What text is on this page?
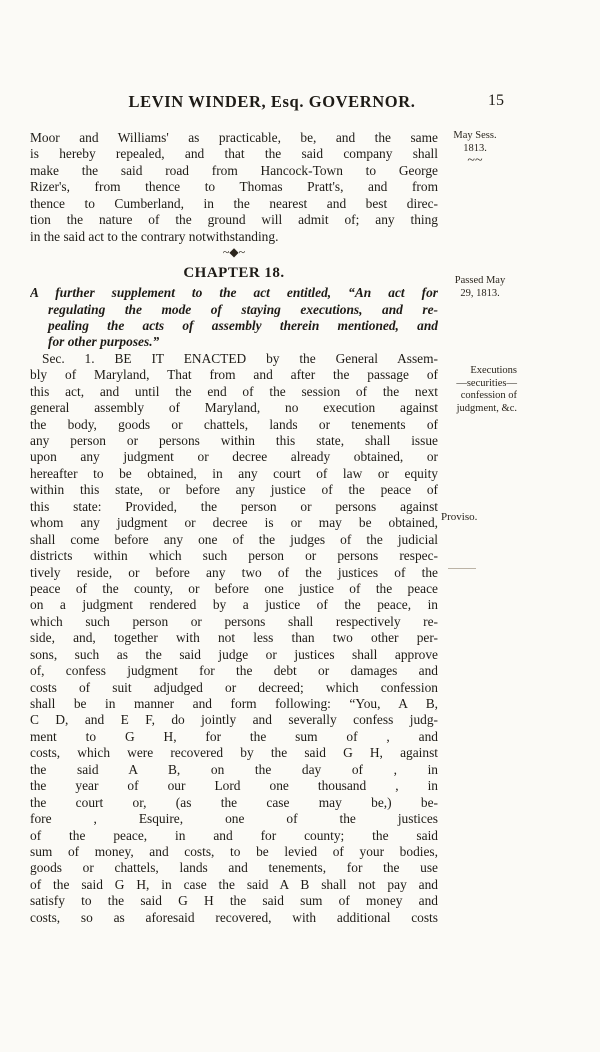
LEVIN WINDER, Esq. GOVERNOR.	15
May Sess.
1813.
~~
Passed May
29, 1813.
Executions
—securities—
confession of
judgment, &c.
Proviso.
Moor and Williams' as practicable, be, and the same
is hereby repealed, and that the said company shall
make the said road from Hancock-Town to George
Rizer's, from thence to Thomas Pratt's, and from
thence to Cumberland, in the nearest and best direc-
tion the nature of the ground will admit of; any thing
in the said act to the contrary notwithstanding.
~◆~
CHAPTER 18.
A further supplement to the act entitled, “An act for
regulating the mode of staying executions, and re-
pealing the acts of assembly therein mentioned, and
for other purposes.”
Sec. 1. BE IT ENACTED by the General Assem-
bly of Maryland, That from and after the passage of
this act, and until the end of the session of the next
general assembly of Maryland, no execution against
the body, goods or chattels, lands or tenements of
any person or persons within this state, shall issue
upon any judgment or decree already obtained, or
hereafter to be obtained, in any court of law or equity
within this state, or before any justice of the peace of
this state: Provided, the person or persons against
whom any judgment or decree is or may be obtained,
shall come before any one of the judges of the judicial
districts within which such person or persons respec-
tively reside, or before any two of the justices of the
peace of the county, or before one justice of the peace
on a judgment rendered by a justice of the peace, in
which such person or persons shall respectively re-
side, and, together with not less than two other per-
sons, such as the said judge or justices shall approve
of, confess judgment for the debt or damages and
costs of suit adjudged or decreed; which confession
shall be in manner and form following: “You, A B,
C D, and E F, do jointly and severally confess judg-
ment to G H, for the sum of , and
costs, which were recovered by the said G H, against
the said A B, on the day of , in
the year of our Lord one thousand , in
the court or, (as the case may be,) be-
fore , Esquire, one of the justices
of the peace, in and for county; the said
sum of money, and costs, to be levied of your bodies,
goods or chattels, lands and tenements, for the use
of the said G H, in case the said A B shall not pay and
satisfy to the said G H the said sum of money and
costs, so as aforesaid recovered, with additional costs
